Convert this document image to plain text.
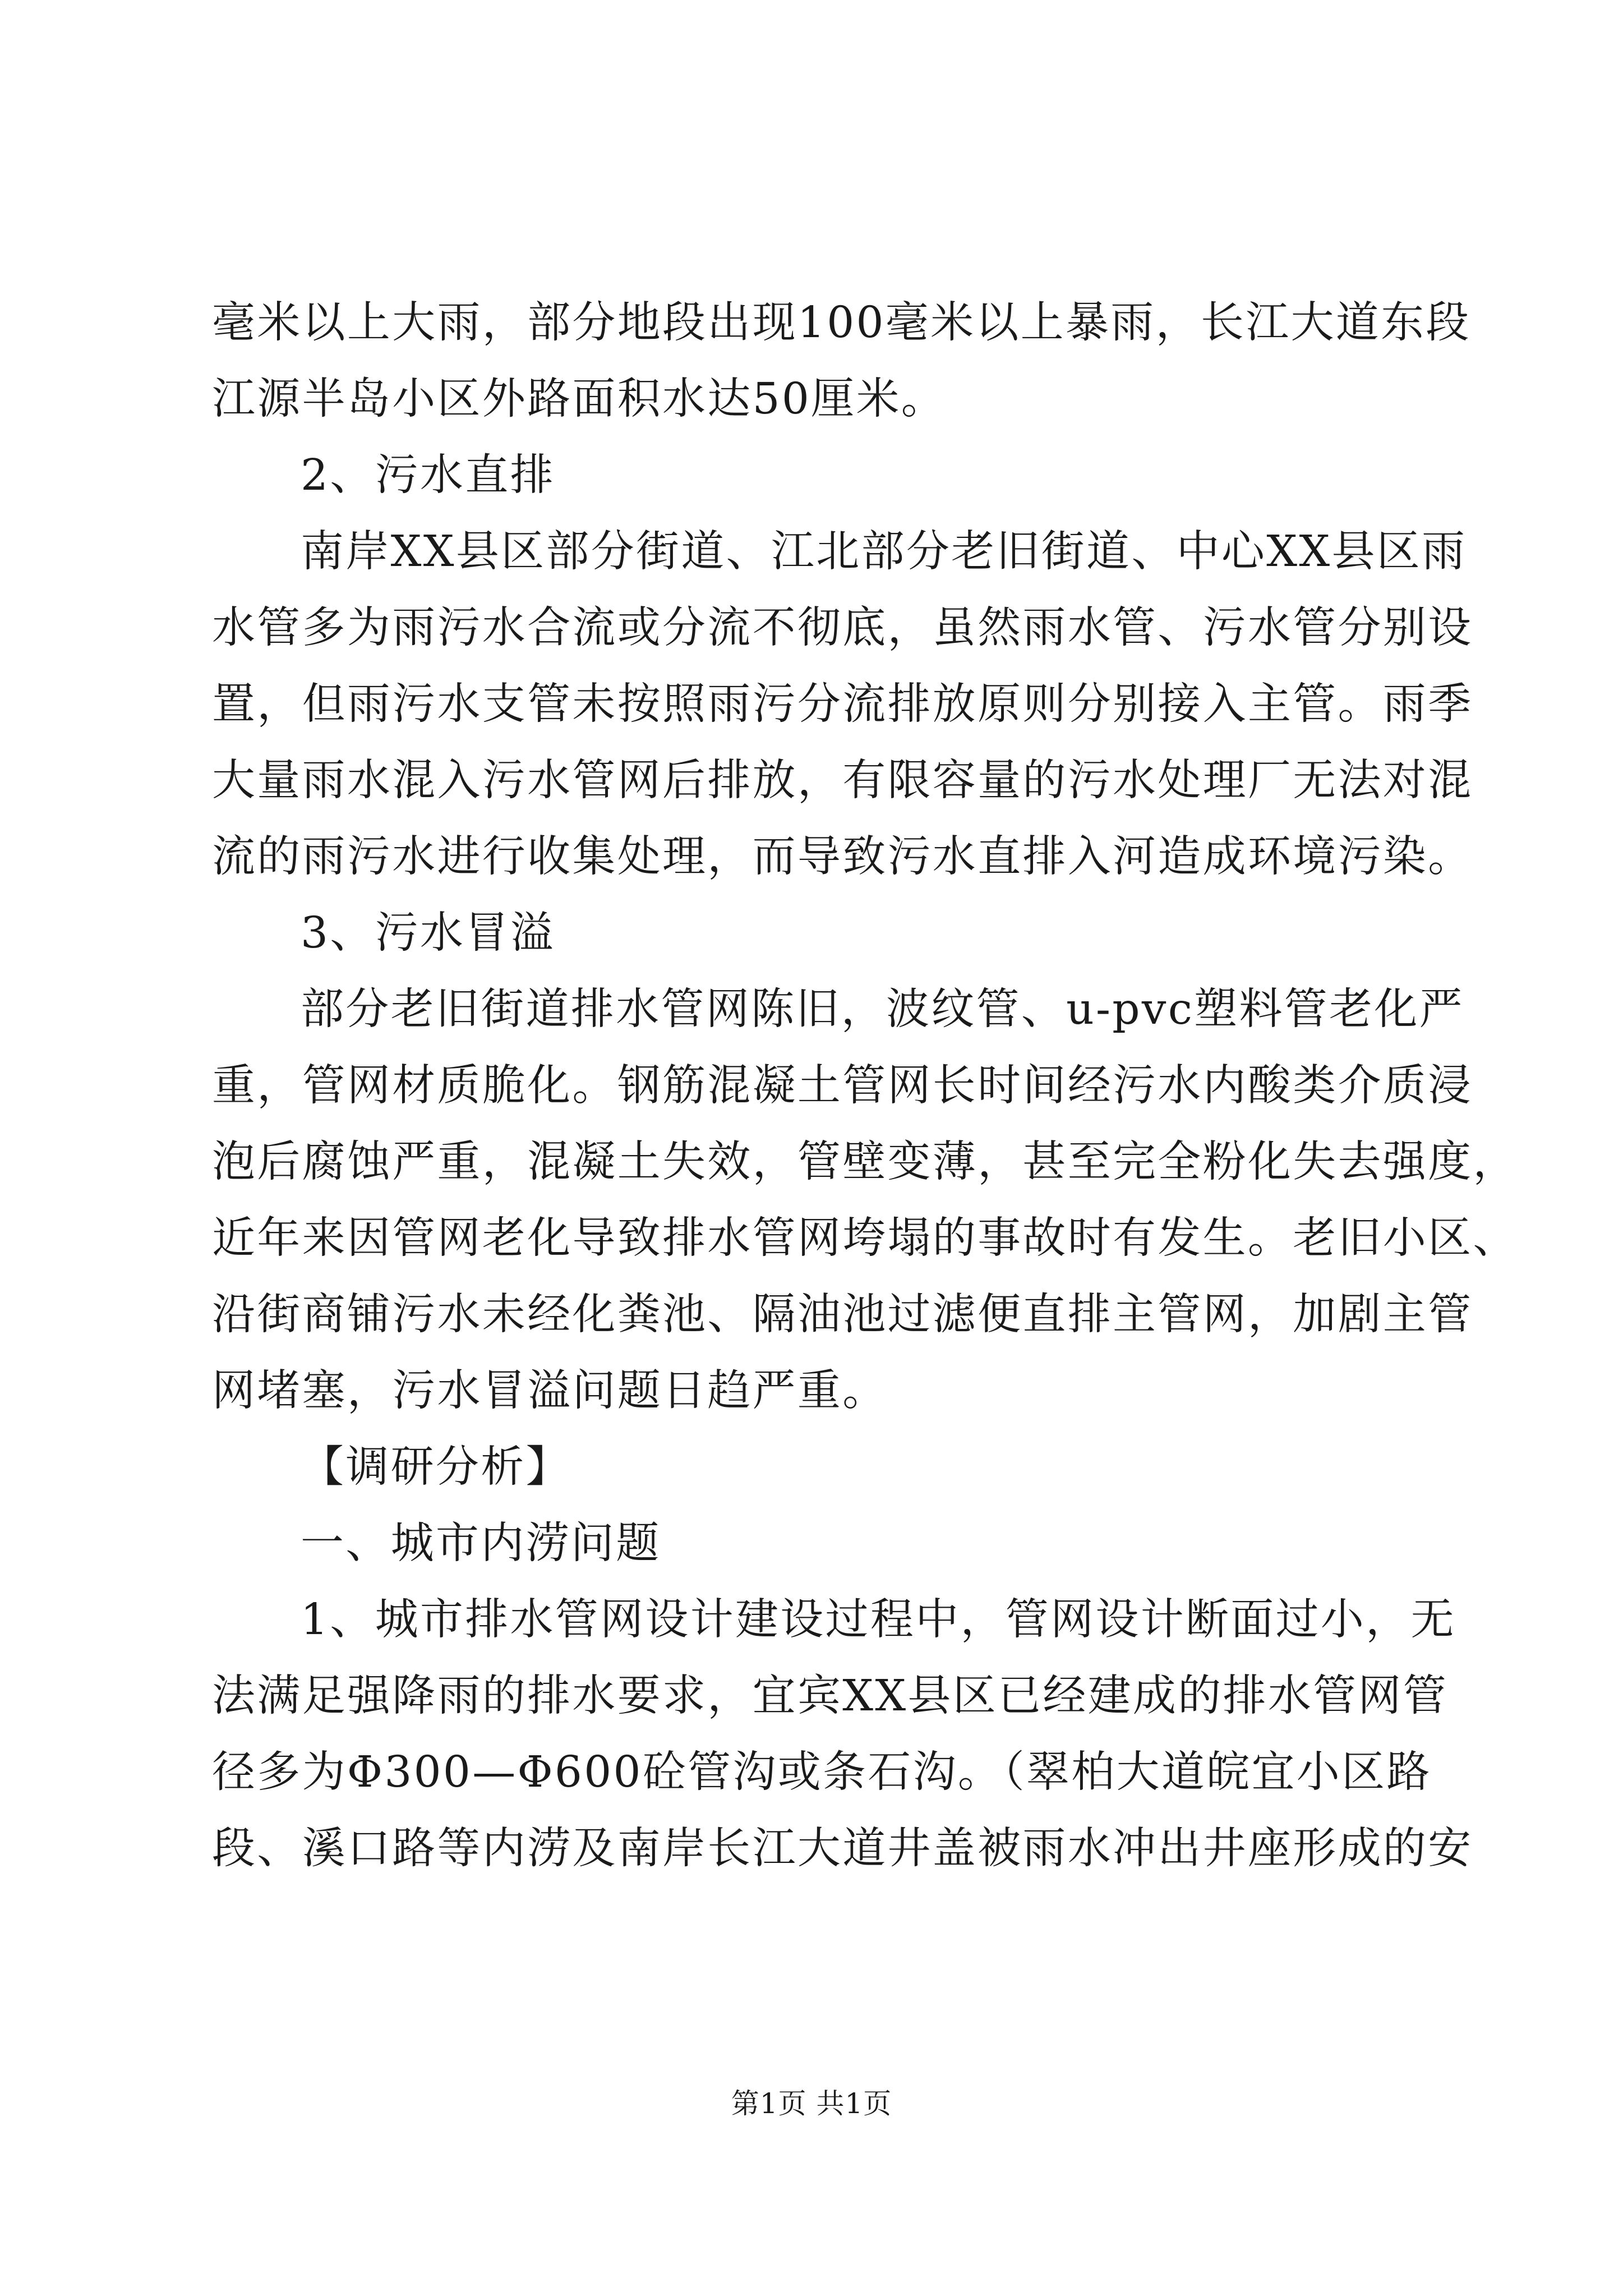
毫米以上大雨，部分地段出现100毫米以上暴雨，长江大道东段
江源半岛小区外路面积水达50厘米。
2、污水直排
南岸XX县区部分街道、江北部分老旧街道、中心XX县区雨
水管多为雨污水合流或分流不彻底，虽然雨水管、污水管分别设
置，但雨污水支管未按照雨污分流排放原则分别接入主管。雨季
大量雨水混入污水管网后排放，有限容量的污水处理厂无法对混
流的雨污水进行收集处理，而导致污水直排入河造成环境污染。
3、污水冒溢
部分老旧街道排水管网陈旧，波纹管、u-pvc塑料管老化严
重，管网材质脆化。钢筋混凝土管网长时间经污水内酸类介质浸
泡后腐蚀严重，混凝土失效，管壁变薄，甚至完全粉化失去强度，
近年来因管网老化导致排水管网垮塌的事故时有发生。老旧小区、
沿街商铺污水未经化粪池、隔油池过滤便直排主管网，加剧主管
网堵塞，污水冒溢问题日趋严重。
【调研分析】
一、城市内涝问题
1、城市排水管网设计建设过程中，管网设计断面过小，无
法满足强降雨的排水要求，宜宾XX县区已经建成的排水管网管
径多为Φ300—Φ600砼管沟或条石沟。（翠柏大道皖宜小区路
段、溪口路等内涝及南岸长江大道井盖被雨水冲出井座形成的安
第1页 共1页
